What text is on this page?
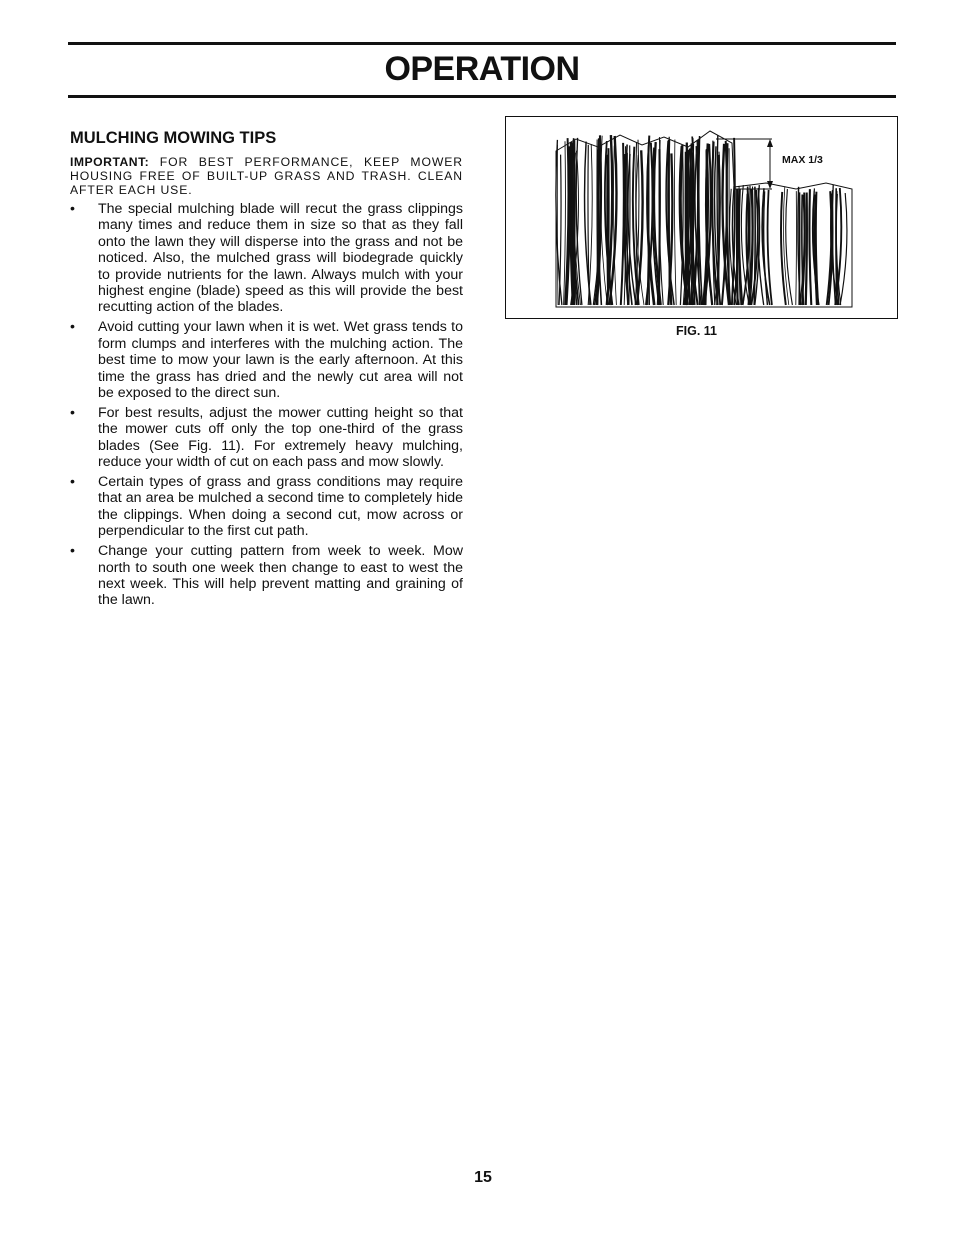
OPERATION
MULCHING MOWING TIPS

IMPORTANT: FOR BEST PERFORMANCE, KEEP MOWER HOUSING FREE OF BUILT-UP GRASS AND TRASH. CLEAN AFTER EACH USE.

• The special mulching blade will recut the grass clippings many times and reduce them in size so that as they fall onto the lawn they will disperse into the grass and not be noticed. Also, the mulched grass will biodegrade quickly to provide nutrients for the lawn. Always mulch with your highest engine (blade) speed as this will provide the best recutting action of the blades.
• Avoid cutting your lawn when it is wet. Wet grass tends to form clumps and interferes with the mulching action. The best time to mow your lawn is the early afternoon. At this time the grass has dried and the newly cut area will not be exposed to the direct sun.
• For best results, adjust the mower cutting height so that the mower cuts off only the top one-third of the grass blades (See Fig. 11). For extremely heavy mulching, reduce your width of cut on each pass and mow slowly.
• Certain types of grass and grass conditions may require that an area be mulched a second time to completely hide the clippings. When doing a second cut, mow across or perpendicular to the first cut path.
• Change your cutting pattern from week to week. Mow north to south one week then change to east to west the next week. This will help prevent matting and graining of the lawn.
MAX 1/3
FIG. 11
15
